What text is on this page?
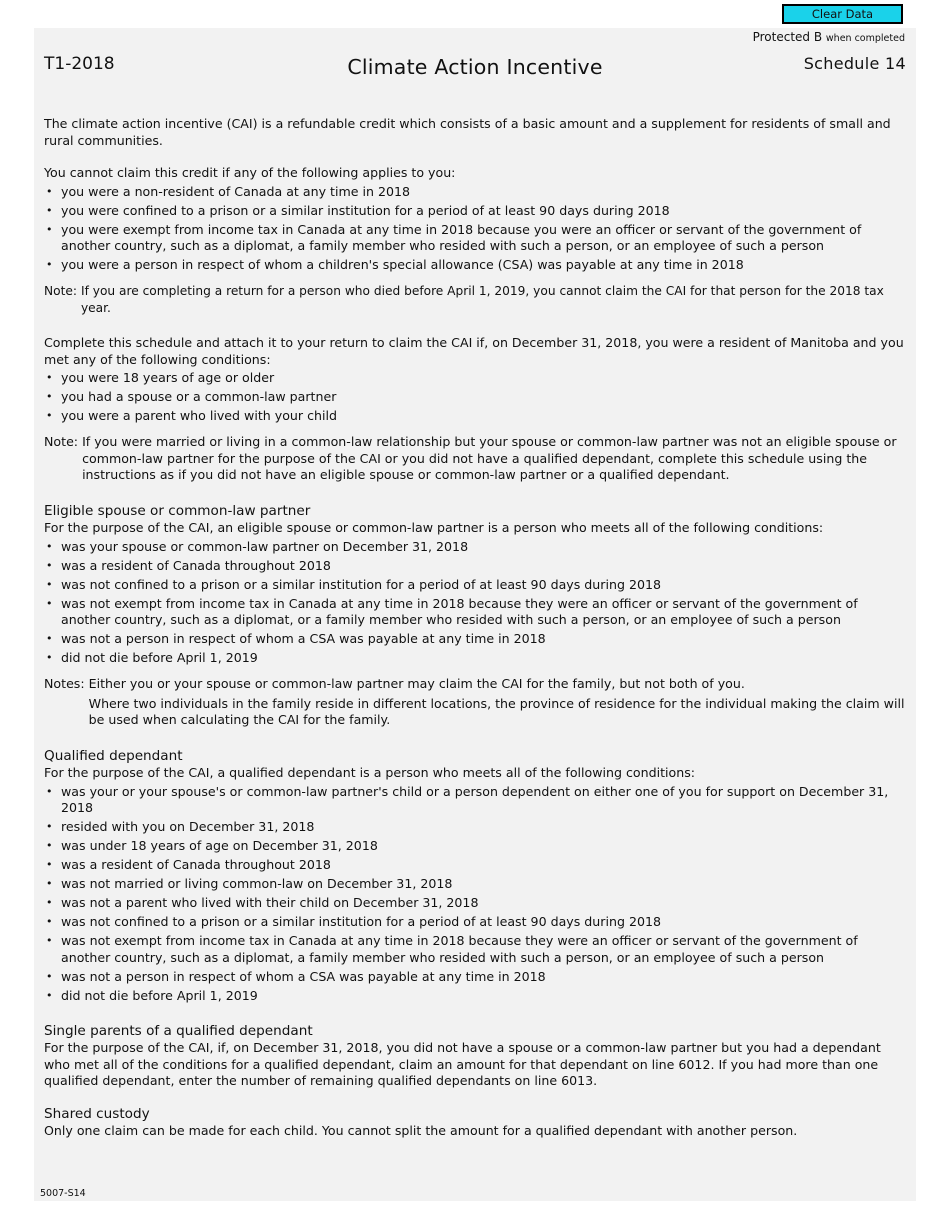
Clear Data
Protected B when completed
T1-2018	Climate Action Incentive	Schedule 14

The climate action incentive (CAI) is a refundable credit which consists of a basic amount and a supplement for residents of small and rural communities.

You cannot claim this credit if any of the following applies to you:

• you were a non-resident of Canada at any time in 2018
• you were confined to a prison or a similar institution for a period of at least 90 days during 2018
• you were exempt from income tax in Canada at any time in 2018 because you were an officer or servant of the government of another country, such as a diplomat, a family member who resided with such a person, or an employee of such a person
• you were a person in respect of whom a children's special allowance (CSA) was payable at any time in 2018
Note: If you are completing a return for a person who died before April 1, 2019, you cannot claim the CAI for that person for the 2018 tax year.

Complete this schedule and attach it to your return to claim the CAI if, on December 31, 2018, you were a resident of Manitoba and you met any of the following conditions:

• you were 18 years of age or older
• you had a spouse or a common-law partner
• you were a parent who lived with your child
Note: If you were married or living in a common-law relationship but your spouse or common-law partner was not an eligible spouse or common-law partner for the purpose of the CAI or you did not have a qualified dependant, complete this schedule using the instructions as if you did not have an eligible spouse or common-law partner or a qualified dependant.
Eligible spouse or common-law partner

For the purpose of the CAI, an eligible spouse or common-law partner is a person who meets all of the following conditions:

• was your spouse or common-law partner on December 31, 2018
• was a resident of Canada throughout 2018
• was not confined to a prison or a similar institution for a period of at least 90 days during 2018
• was not exempt from income tax in Canada at any time in 2018 because they were an officer or servant of the government of another country, such as a diplomat, or a family member who resided with such a person, or an employee of such a person
• was not a person in respect of whom a CSA was payable at any time in 2018
• did not die before April 1, 2019
Notes: Either you or your spouse or common-law partner may claim the CAI for the family, but not both of you.

Where two individuals in the family reside in different locations, the province of residence for the individual making the claim will be used when calculating the CAI for the family.

Qualified dependant

For the purpose of the CAI, a qualified dependant is a person who meets all of the following conditions:

• was your or your spouse's or common-law partner's child or a person dependent on either one of you for support on December 31, 2018
• resided with you on December 31, 2018
• was under 18 years of age on December 31, 2018
• was a resident of Canada throughout 2018
• was not married or living common-law on December 31, 2018
• was not a parent who lived with their child on December 31, 2018
• was not confined to a prison or a similar institution for a period of at least 90 days during 2018
• was not exempt from income tax in Canada at any time in 2018 because they were an officer or servant of the government of another country, such as a diplomat, a family member who resided with such a person, or an employee of such a person
• was not a person in respect of whom a CSA was payable at any time in 2018
• did not die before April 1, 2019
Single parents of a qualified dependant

For the purpose of the CAI, if, on December 31, 2018, you did not have a spouse or a common-law partner but you had a dependant who met all of the conditions for a qualified dependant, claim an amount for that dependant on line 6012. If you had more than one qualified dependant, enter the number of remaining qualified dependants on line 6013.

Shared custody

Only one claim can be made for each child. You cannot split the amount for a qualified dependant with another person.

5007-S14
